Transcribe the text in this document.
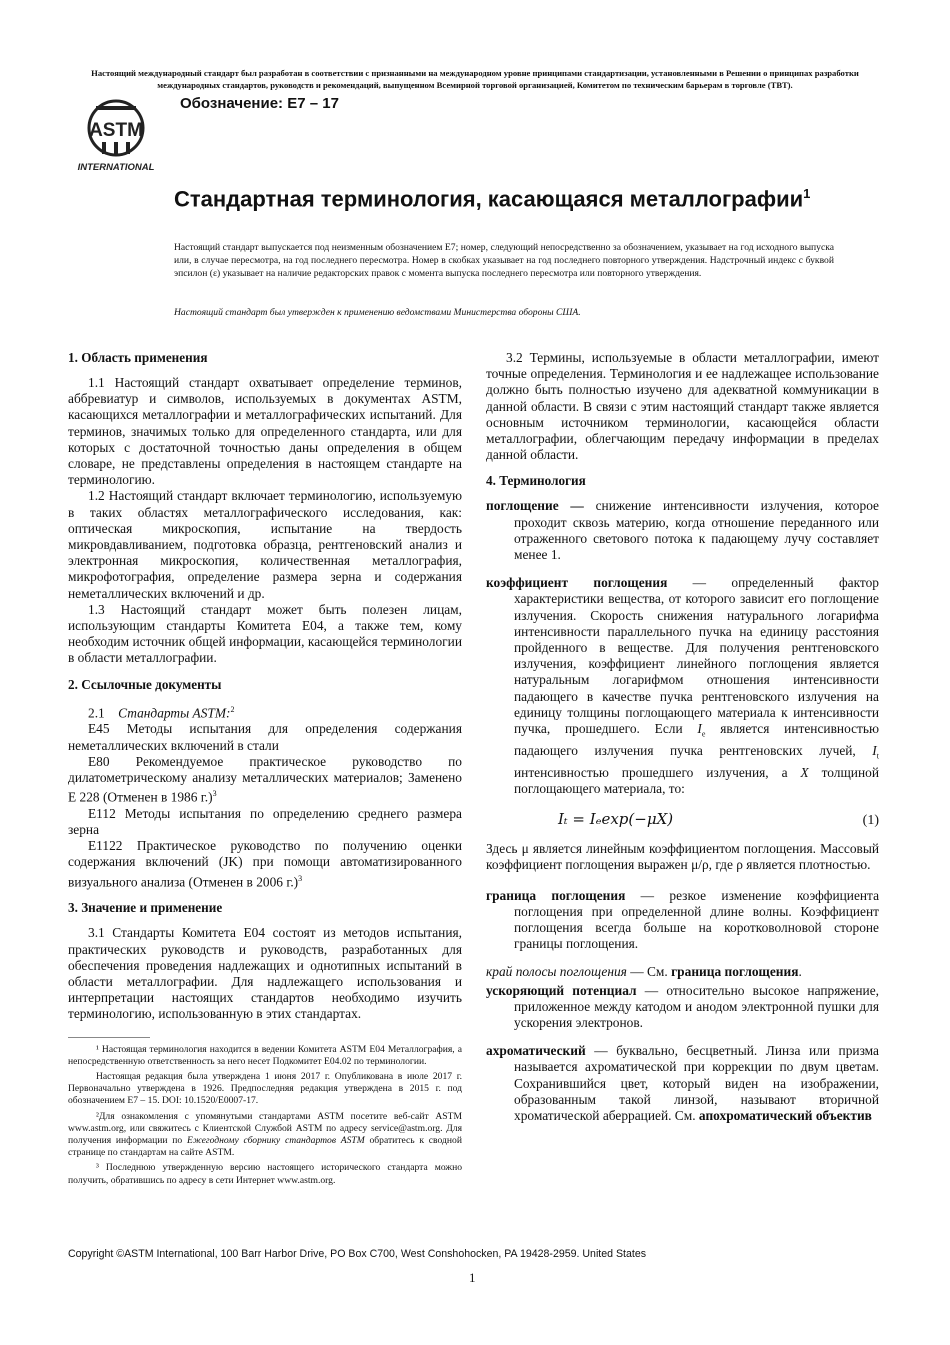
Настоящий международный стандарт был разработан в соответствии с признанными на международном уровне принципами стандартизации, установленными в Решении о принципах разработки международных стандартов, руководств и рекомендаций, выпущенном Всемирной торговой организацией, Комитетом по техническим барьерам в торговле (ТВТ).
ASTM
INTERNATIONAL
Обозначение: E7 – 17
Стандартная терминология, касающаяся металлографии$^1$
Настоящий стандарт выпускается под неизменным обозначением E7; номер, следующий непосредственно за обозначением, указывает на год исходного выпуска или, в случае пересмотра, на год последнего пересмотра. Номер в скобках указывает на год последнего повторного утверждения. Надстрочный индекс с буквой эпсилон (ε) указывает на наличие редакторских правок с момента выпуска последнего пересмотра или повторного утверждения.
Настоящий стандарт был утвержден к применению ведомствами Министерства обороны США.
1. Область применения

1.1 Настоящий стандарт охватывает определение терминов, аббревиатур и символов, используемых в документах ASTM, касающихся металлографии и металлографических испытаний. Для терминов, значимых только для определенного стандарта, или для которых с достаточной точностью даны определения в общем словаре, не представлены определения в настоящем стандарте на терминологию.

1.2 Настоящий стандарт включает терминологию, используемую в таких областях металлографического исследования, как: оптическая микроскопия, испытание на твердость микровдавливанием, подготовка образца, рентгеновский анализ и электронная микроскопия, количественная металлография, микрофотография, определение размера зерна и содержания неметаллических включений и др.

1.3 Настоящий стандарт может быть полезен лицам, использующим стандарты Комитета E04, а также тем, кому необходим источник общей информации, касающейся терминологии в области металлографии.

2. Ссылочные документы

2.1 Стандарты ASTM:$^2$

E45 Методы испытания для определения содержания неметаллических включений в стали

E80 Рекомендуемое практическое руководство по дилатометрическому анализу металлических материалов; Заменено E 228 (Отменен в 1986 г.)$^3$

E112 Методы испытания по определению среднего размера зерна

E1122 Практическое руководство по получению оценки содержания включений (JK) при помощи автоматизированного визуального анализа (Отменен в 2006 г.)$^3$

3. Значение и применение

3.1 Стандарты Комитета E04 состоят из методов испытания, практических руководств и руководств, разработанных для обеспечения проведения надлежащих и однотипных испытаний в области металлографии. Для надлежащего использования и интерпретации настоящих стандартов необходимо изучить терминологию, использованную в этих стандартах.

¹ Настоящая терминология находится в ведении Комитета ASTM E04 Металлография, а непосредственную ответственность за него несет Подкомитет E04.02 по терминологии.

Настоящая редакция была утверждена 1 июня 2017 г. Опубликована в июле 2017 г. Первоначально утверждена в 1926. Предпоследняя редакция утверждена в 2015 г. под обозначением E7 – 15. DOI: 10.1520/E0007-17.

²Для ознакомления с упомянутыми стандартами ASTM посетите веб-сайт ASTM www.astm.org, или свяжитесь с Клиентской Службой ASTM по адресу service@astm.org. Для получения информации по Ежегодному сборнику стандартов ASTM обратитесь к сводной странице по стандартам на сайте ASTM.

³ Последнюю утвержденную версию настоящего исторического стандарта можно получить, обратившись по адресу в сети Интернет www.astm.org.

3.2 Термины, используемые в области металлографии, имеют точные определения. Терминология и ее надлежащее использование должно быть полностью изучено для адекватной коммуникации в данной области. В связи с этим настоящий стандарт также является основным источником терминологии, касающейся области металлографии, облегчающим передачу информации в пределах данной области.

4. Терминология

поглощение — снижение интенсивности излучения, которое проходит сквозь материю, когда отношение переданного или отраженного светового потока к падающему лучу составляет менее 1.

коэффициент поглощения — определенный фактор характеристики вещества, от которого зависит его поглощение излучения. Скорость снижения натурального логарифма интенсивности параллельного пучка на единицу расстояния пройденного в веществе. Для получения рентгеновского излучения, коэффициент линейного поглощения является натуральным логарифмом отношения интенсивности падающего в качестве пучка рентгеновского излучения на единицу толщины поглощающего материала к интенсивности пучка, прошедшего. Если $I_e$ является интенсивностью падающего излучения пучка рентгеновских лучей, $I_t$ интенсивностью прошедшего излучения, а X толщиной поглощающего материала, то:

Iₜ = Iₑexp(−μX)	(1)

Здесь μ является линейным коэффициентом поглощения. Массовый коэффициент поглощения выражен μ/ρ, где ρ является плотностью.

граница поглощения — резкое изменение коэффициента поглощения при определенной длине волны. Коэффициент поглощения всегда больше на коротковолновой стороне границы поглощения.

край полосы поглощения — См. граница поглощения.

ускоряющий потенциал — относительно высокое напряжение, приложенное между катодом и анодом электронной пушки для ускорения электронов.

ахроматический — буквально, бесцветный. Линза или призма называется ахроматической при коррекции по двум цветам. Сохранившийся цвет, который виден на изображении, образованным такой линзой, называют вторичной хроматической аберрацией. См. апохроматический объектив

Copyright ©ASTM International, 100 Barr Harbor Drive, PO Box C700, West Conshohocken, PA 19428-2959. United States
1
